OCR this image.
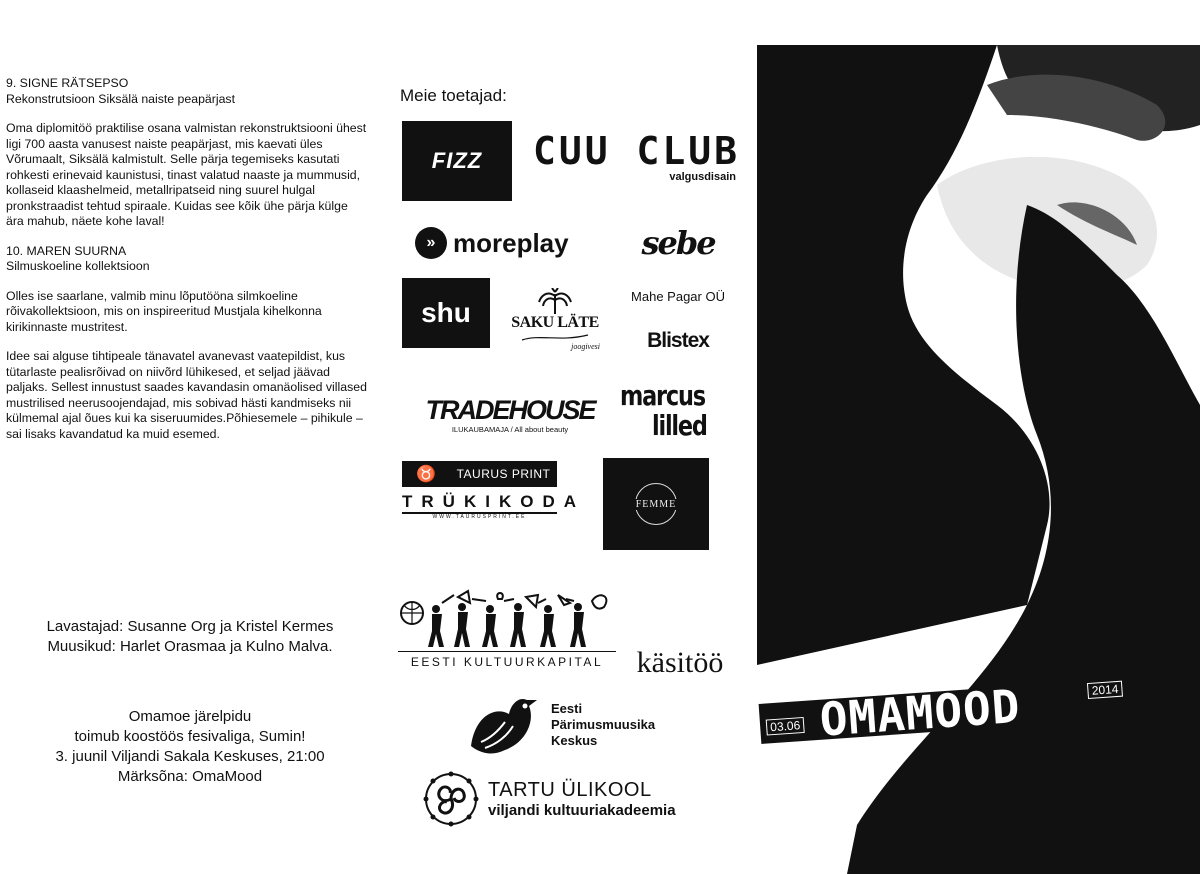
9. SIGNE RÄTSEPSO

Rekonstrutsioon Siksälä naiste peapärjast

Oma diplomitöö praktilise osana valmistan rekonstruktsiooni ühest ligi 700 aasta vanusest naiste peapärjast, mis kaevati üles Võrumaalt, Siksälä kalmistult. Selle pärja tegemiseks kasutati rohkesti erinevaid kaunistusi, tinast valatud naaste ja mummusid, kollaseid klaashelmeid, metallripatseid ning suurel hulgal pronkstraadist tehtud spiraale. Kuidas see kõik ühe pärja külge ära mahub, näete kohe laval!

10. MAREN SUURNA

Silmuskoeline kollektsioon

Olles ise saarlane, valmib minu lõputööna silmkoeline rõivakollektsioon, mis on inspireeritud Mustjala kihelkonna kirikinnaste mustritest.

Idee sai alguse tihtipeale tänavatel avanevast vaatepildist, kus tütarlaste pealisrõivad on niivõrd lühikesed, et seljad jäävad paljaks. Sellest innustust saades kavandasin omanäolised villased mustrilised neerusoojendajad, mis sobivad hästi kandmiseks nii külmemal ajal õues kui ka siseruumides.Põhiesemele – pihikule – sai lisaks kavandatud ka muid esemed.

Lavastajad: Susanne Org ja Kristel Kermes
Muusikud: Harlet Orasmaa ja Kulno Malva.
Omamoe järelpidu
toimub koostöös fesivaliga, Sumin!
3. juunil Viljandi Sakala Keskuses, 21:00
Märksõna: OmaMood
Meie toetajad:
FIZZ	CUU CLUB
valgusdisain
» moreplay	sebe
shu	SAKU LÄTE
joogivesi
Mahe Pagar OÜ
Blistex
TRADEHOUSE
ILUKAUBAMAJA / All about beauty
marcus
lilled
♉	TAURUS PRINT
TRÜKIKODA
WWW.TAURUSPRINT.EE
FEMME
EESTI KULTUURKAPITAL	käsitöö
Eesti
Pärimusmuusika
Keskus
TARTU ÜLIKOOL
viljandi kultuuriakadeemia
03.06 OMAMOOD	2014
